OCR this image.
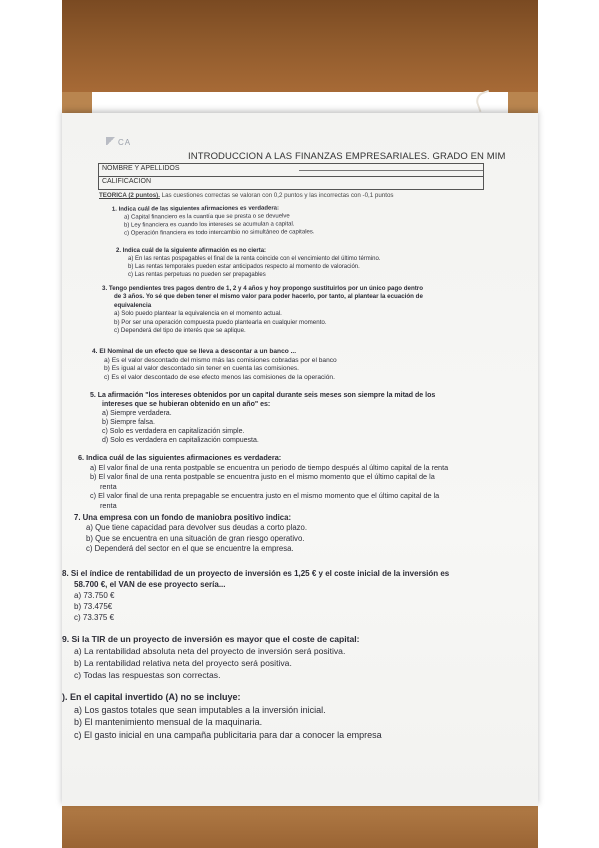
CA
INTRODUCCION A LAS FINANZAS EMPRESARIALES. GRADO EN MIM
NOMBRE Y APELLIDOS
CALIFICACION
TEORICA (2 puntos). Las cuestiones correctas se valoran con 0,2 puntos y las incorrectas con -0,1 puntos
1. Indica cuál de las siguientes afirmaciones es verdadera:
a) Capital financiero es la cuantía que se presta o se devuelve
b) Ley financiera es cuando los intereses se acumulan a capital.
c) Operación financiera es todo intercambio no simultáneo de capitales.
2. Indica cuál de la siguiente afirmación es no cierta:
a) En las rentas pospagables el final de la renta coincide con el vencimiento del último término.
b) Las rentas temporales pueden estar anticipados respecto al momento de valoración.
c) Las rentas perpetuas no pueden ser prepagables
3. Tengo pendientes tres pagos dentro de 1, 2 y 4 años y hoy propongo sustituirlos por un único pago dentro
de 3 años. Yo sé que deben tener el mismo valor para poder hacerlo, por tanto, al plantear la ecuación de
equivalencia
a) Solo puedo plantear la equivalencia en el momento actual.
b) Por ser una operación compuesta puedo plantearla en cualquier momento.
c) Dependerá del tipo de interés que se aplique.
4. El Nominal de un efecto que se lleva a descontar a un banco ...
a) Es el valor descontado del mismo más las comisiones cobradas por el banco
b) Es igual al valor descontado sin tener en cuenta las comisiones.
c) Es el valor descontado de ese efecto menos las comisiones de la operación.
5. La afirmación "los intereses obtenidos por un capital durante seis meses son siempre la mitad de los
intereses que se hubieran obtenido en un año" es:
a) Siempre verdadera.
b) Siempre falsa.
c) Solo es verdadera en capitalización simple.
d) Solo es verdadera en capitalización compuesta.
6. Indica cuál de las siguientes afirmaciones es verdadera:
a) El valor final de una renta postpable se encuentra un periodo de tiempo después al último capital de la renta
b) El valor final de una renta postpable se encuentra justo en el mismo momento que el último capital de la
renta
c) El valor final de una renta prepagable se encuentra justo en el mismo momento que el último capital de la
renta
7. Una empresa con un fondo de maniobra positivo indica:
a) Que tiene capacidad para devolver sus deudas a corto plazo.
b) Que se encuentra en una situación de gran riesgo operativo.
c) Dependerá del sector en el que se encuentre la empresa.
8. Si el índice de rentabilidad de un proyecto de inversión es 1,25 € y el coste inicial de la inversión es
58.700 €, el VAN de ese proyecto sería...
a) 73.750 €
b) 73.475€
c) 73.375 €
9. Si la TIR de un proyecto de inversión es mayor que el coste de capital:
a) La rentabilidad absoluta neta del proyecto de inversión será positiva.
b) La rentabilidad relativa neta del proyecto será positiva.
c) Todas las respuestas son correctas.
). En el capital invertido (A) no se incluye:
a) Los gastos totales que sean imputables a la inversión inicial.
b) El mantenimiento mensual de la maquinaria.
c) El gasto inicial en una campaña publicitaria para dar a conocer la empresa
